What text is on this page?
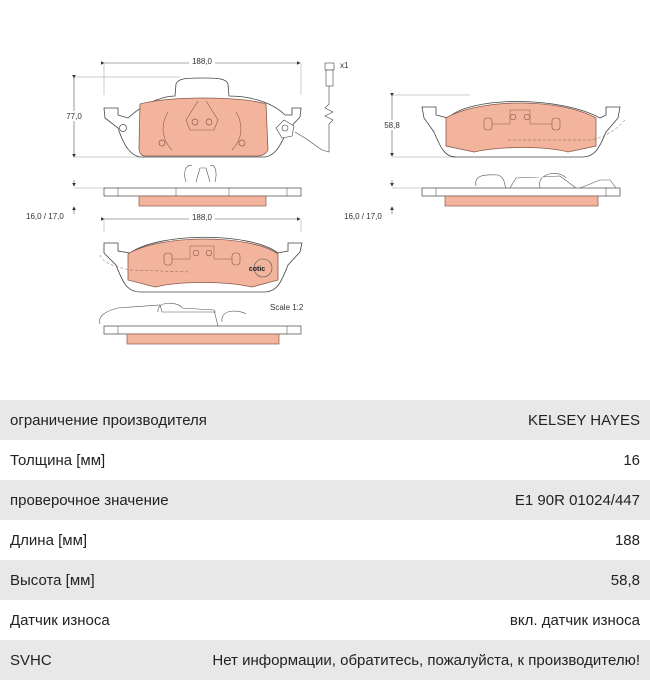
188,0
77,0
x1
16,0 / 17,0
58,8
16,0 / 17,0
188,0
cotic
Scale 1:2
ограничение производителя	KELSEY HAYES
Толщина [мм]	16
проверочное значение	E1 90R 01024/447
Длина [мм]	188
Высота [мм]	58,8
Датчик износа	вкл. датчик износа
SVHC	Нет информации, обратитесь, пожалуйста, к производителю!
